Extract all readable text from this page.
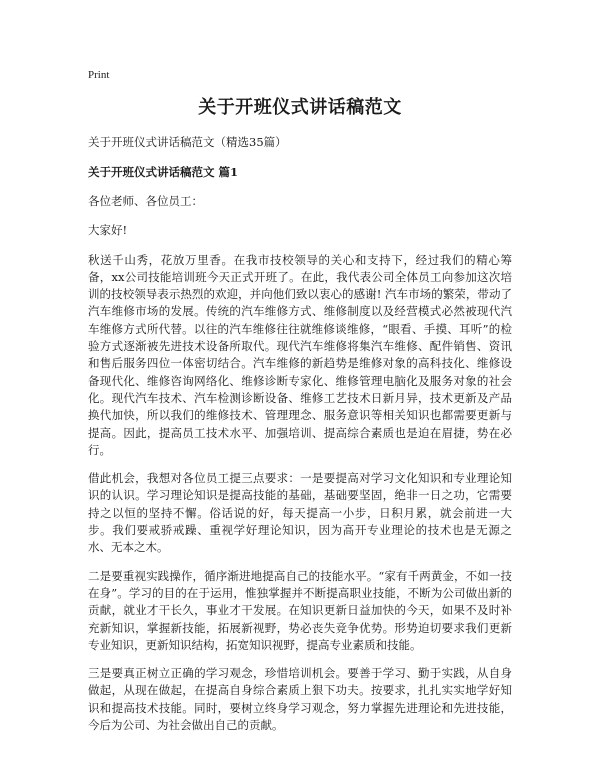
Print
关于开班仪式讲话稿范文
关于开班仪式讲话稿范文（精选35篇）
关于开班仪式讲话稿范文 篇1

各位老师、各位员工：

大家好!

秋送千山秀，花放万里香。在我市技校领导的关心和支持下，经过我们的精心筹备，xx公司技能培训班今天正式开班了。在此，我代表公司全体员工向参加这次培训的技校领导表示热烈的欢迎，并向他们致以衷心的感谢! 汽车市场的繁荣，带动了汽车维修市场的发展。传统的汽车维修方式、维修制度以及经营模式必然被现代汽车维修方式所代替。以往的汽车维修往往就维修谈维修，“眼看、手摸、耳听”的检验方式逐渐被先进技术设备所取代。现代汽车维修将集汽车维修、配件销售、资讯和售后服务四位一体密切结合。汽车维修的新趋势是维修对象的高科技化、维修设备现代化、维修咨询网络化、维修诊断专家化、维修管理电脑化及服务对象的社会化。现代汽车技术、汽车检测诊断设备、维修工艺技术日新月异，技术更新及产品换代加快，所以我们的维修技术、管理理念、服务意识等相关知识也都需要更新与提高。因此，提高员工技术水平、加强培训、提高综合素质也是迫在眉捷，势在必行。

借此机会，我想对各位员工提三点要求：一是要提高对学习文化知识和专业理论知识的认识。学习理论知识是提高技能的基础，基础要坚固，绝非一日之功，它需要持之以恒的坚持不懈。俗话说的好，每天提高一小步，日积月累，就会前进一大步。我们要戒骄戒躁、重视学好理论知识，因为高开专业理论的技术也是无源之水、无本之木。

二是要重视实践操作，循序渐进地提高自己的技能水平。“家有千两黄金，不如一技在身”。学习的目的在于运用，惟独掌握并不断提高职业技能，不断为公司做出新的贡献，就业才干长久，事业才干发展。在知识更新日益加快的今天，如果不及时补充新知识，掌握新技能，拓展新视野，势必丧失竞争优势。形势迫切要求我们更新专业知识，更新知识结构，拓宽知识视野，提高专业素质和技能。

三是要真正树立正确的学习观念，珍惜培训机会。要善于学习、勤于实践，从自身做起，从现在做起，在提高自身综合素质上狠下功夫。按要求，扎扎实实地学好知识和提高技术技能。同时，要树立终身学习观念，努力掌握先进理论和先进技能，今后为公司、为社会做出自己的贡献。
